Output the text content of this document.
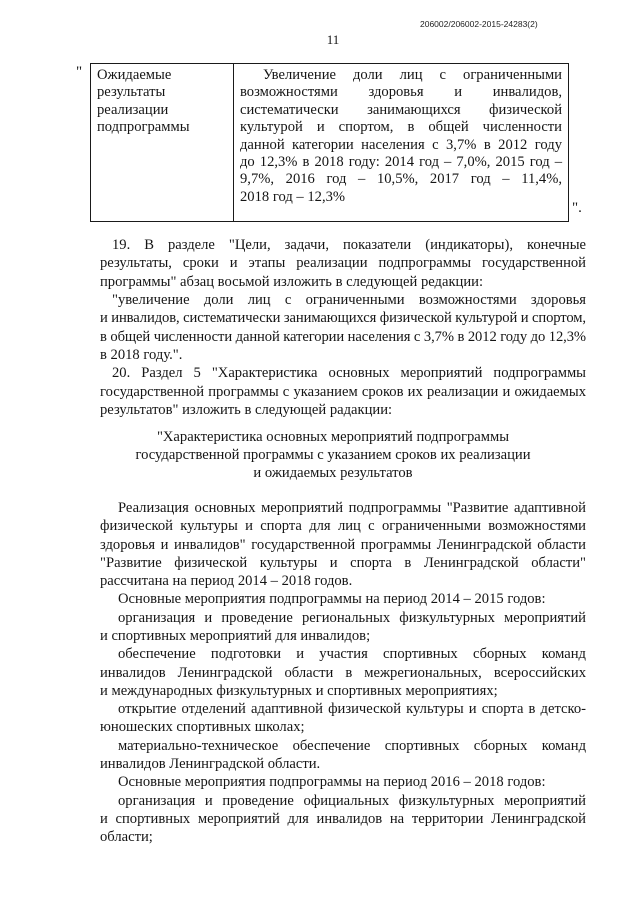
206002/206002-2015-24283(2)
11
" Ожидаемые
результаты
реализации
подпрограммы
Увеличение доли лиц с ограниченными
возможностями здоровья и инвалидов,
систематически занимающихся физической
культурой и спортом, в общей численности
данной категории населения с 3,7% в 2012 году
до 12,3% в 2018 году: 2014 год – 7,0%, 2015 год –
9,7%, 2016 год – 10,5%, 2017 год – 11,4%,
2018 год – 12,3%
".
19. В разделе "Цели, задачи, показатели (индикаторы), конечные
результаты, сроки и этапы реализации подпрограммы государственной
программы" абзац восьмой изложить в следующей редакции:
"увеличение доли лиц с ограниченными возможностями здоровья
и инвалидов, систематически занимающихся физической культурой и спортом,
в общей численности данной категории населения с 3,7% в 2012 году до 12,3%
в 2018 году.".
20. Раздел 5 "Характеристика основных мероприятий подпрограммы
государственной программы с указанием сроков их реализации и ожидаемых
результатов" изложить в следующей радакции:
"Характеристика основных мероприятий подпрограммы
государственной программы с указанием сроков их реализации
и ожидаемых результатов
Реализация основных мероприятий подпрограммы "Развитие адаптивной
физической культуры и спорта для лиц с ограниченными возможностями
здоровья и инвалидов" государственной программы Ленинградской области
"Развитие физической культуры и спорта в Ленинградской области"
рассчитана на период 2014 – 2018 годов.
Основные мероприятия подпрограммы на период 2014 – 2015 годов:
организация и проведение региональных физкультурных мероприятий
и спортивных мероприятий для инвалидов;
обеспечение подготовки и участия спортивных сборных команд
инвалидов Ленинградской области в межрегиональных, всероссийских
и международных физкультурных и спортивных мероприятиях;
открытие отделений адаптивной физической культуры и спорта в детско-
юношеских спортивных школах;
материально-техническое обеспечение спортивных сборных команд
инвалидов Ленинградской области.
Основные мероприятия подпрограммы на период 2016 – 2018 годов:
организация и проведение официальных физкультурных мероприятий
и спортивных мероприятий для инвалидов на территории Ленинградской
области;
